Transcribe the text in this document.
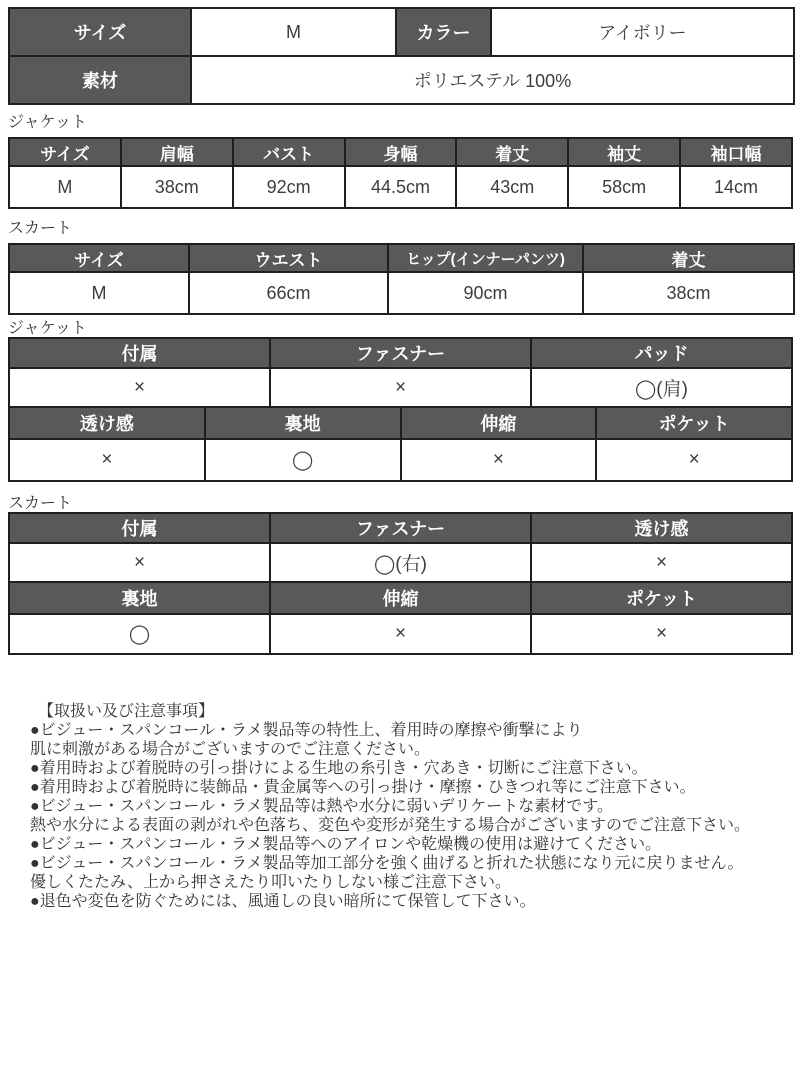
サイズ	M	カラー	アイボリー
素材	ポリエステル 100%		
ジャケット
サイズ	肩幅	バスト	身幅	着丈	袖丈	袖口幅
M	38cm	92cm	44.5cm	43cm	58cm	14cm
スカート
サイズ	ウエスト	ヒップ(インナーパンツ)	着丈
M	66cm	90cm	38cm
ジャケット
付属	ファスナー	パッド
×	×	◯(肩)
透け感	裏地	伸縮	ポケット
×	◯	×	×
スカート
付属	ファスナー	透け感
×	◯(右)	×
裏地	伸縮	ポケット
◯	×	×
【取扱い及び注意事項】
●ビジュー・スパンコール・ラメ製品等の特性上、着用時の摩擦や衝撃により
肌に刺激がある場合がございますのでご注意ください。
●着用時および着脱時の引っ掛けによる生地の糸引き・穴あき・切断にご注意下さい。
●着用時および着脱時に装飾品・貴金属等への引っ掛け・摩擦・ひきつれ等にご注意下さい。
●ビジュー・スパンコール・ラメ製品等は熱や水分に弱いデリケートな素材です。
熱や水分による表面の剥がれや色落ち、変色や変形が発生する場合がございますのでご注意下さい。
●ビジュー・スパンコール・ラメ製品等へのアイロンや乾燥機の使用は避けてください。
●ビジュー・スパンコール・ラメ製品等加工部分を強く曲げると折れた状態になり元に戻りません。
優しくたたみ、上から押さえたり叩いたりしない様ご注意下さい。
●退色や変色を防ぐためには、風通しの良い暗所にて保管して下さい。
